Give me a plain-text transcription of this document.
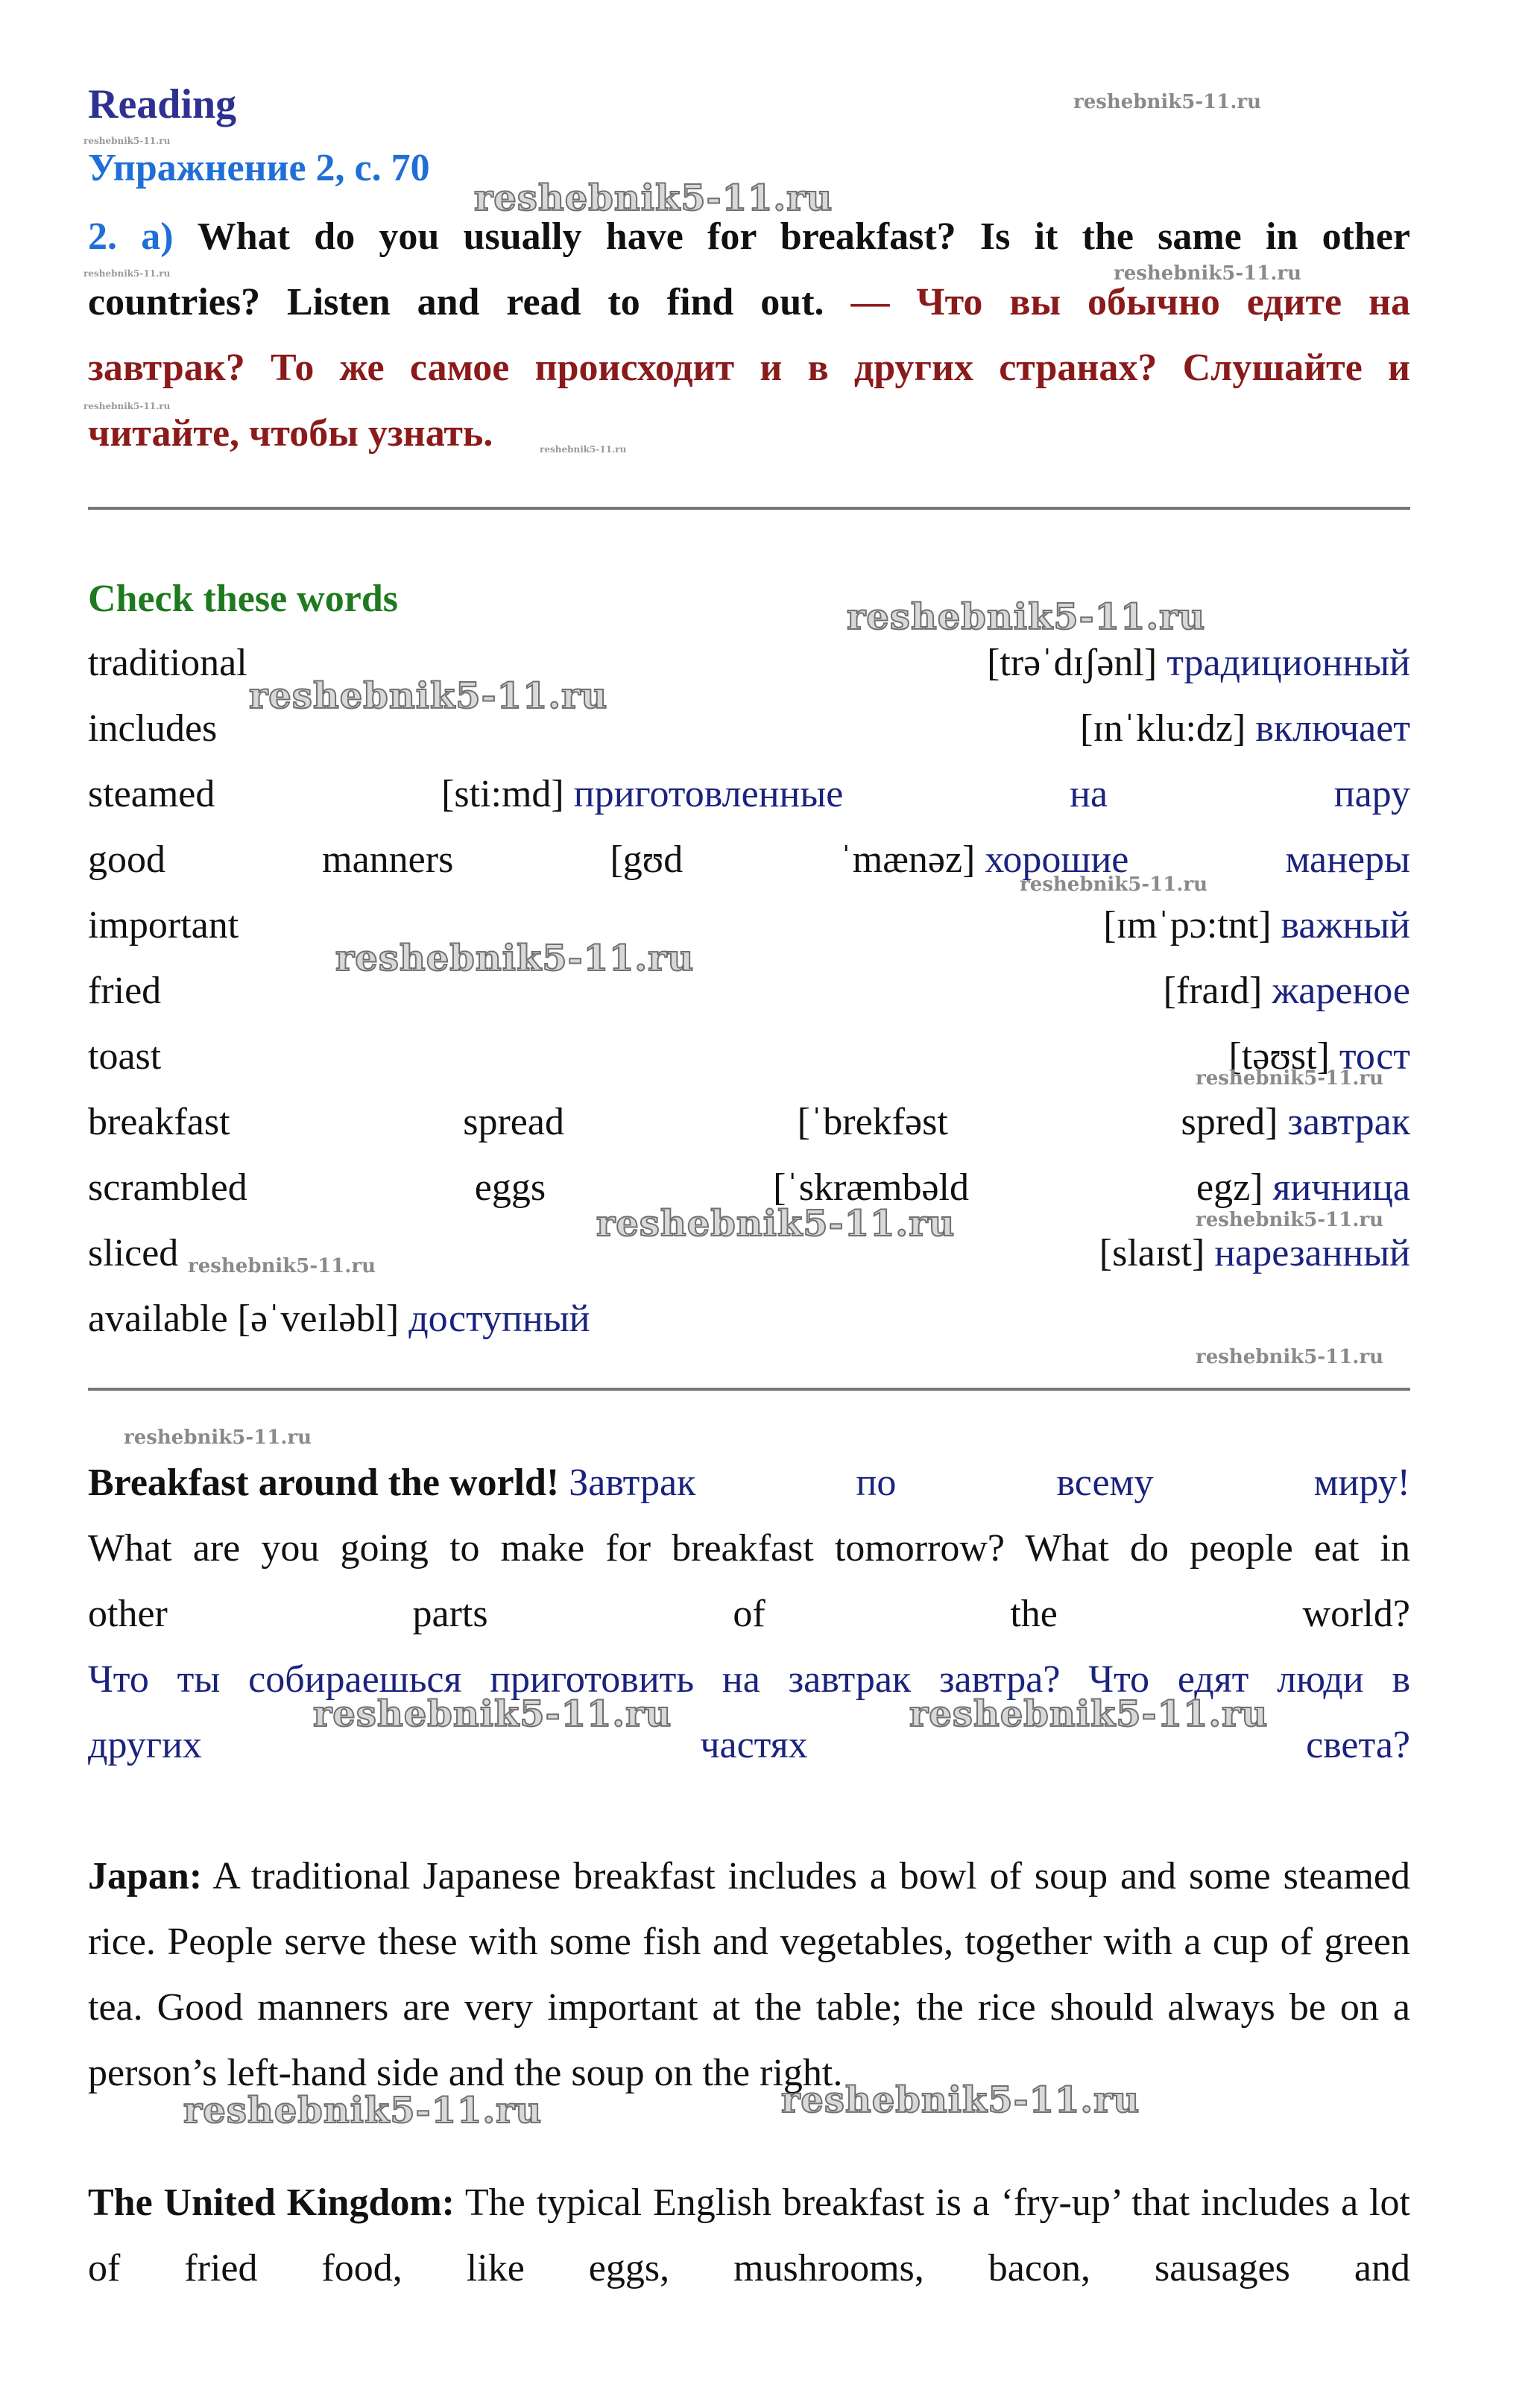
Reading
Упражнение 2, с. 70

2. а) What do you usually have for breakfast? Is it the same in other

countries? Listen and read to find out. — Что вы обычно едите на

завтрак? То же самое происходит и в других странах? Слушайте и

читайте, чтобы узнать.

Check these words
traditional	[trəˈdɪʃənl] традиционный
includes	[ɪnˈklu:dz] включает
steamed	[sti:md] приготовленные	на	пару
good	manners	[gʊd	ˈmænəz] хорошие	манеры
important	[ɪmˈpɔ:tnt] важный
fried	[fraɪd] жареное
toast	[təʊst] тост
breakfast	spread	[ˈbrekfəst	spred] завтрак
scrambled	eggs	[ˈskræmbəld	egz] яичница
sliced	[slaɪst] нарезанный
available [əˈveɪləbl] доступный
Breakfast around the world! Завтрак	по	всему	миру!

What are you going to make for breakfast tomorrow? What do people eat in

other	parts	of	the	world?

Что ты собираешься приготовить на завтрак завтра? Что едят люди в

других	частях	света?

Japan: A traditional Japanese breakfast includes a bowl of soup and some steamed rice. People serve these with some fish and vegetables, together with a cup of green tea. Good manners are very important at the table; the rice should always be on a person’s left-hand side and the soup on the right.

The United Kingdom: The typical English breakfast is a ‘fry-up’ that includes a lot of fried food, like eggs, mushrooms, bacon, sausages and

reshebnik5-11.ru
reshebnik5-11.ru
reshebnik5-11.ru
reshebnik5-11.ru	reshebnik5-11.ru
reshebnik5-11.ru
reshebnik5-11.ru
reshebnik5-11.ru
reshebnik5-11.ru
reshebnik5-11.ru
reshebnik5-11.ru
reshebnik5-11.ru
reshebnik5-11.ru	reshebnik5-11.ru
reshebnik5-11.ru
reshebnik5-11.ru
reshebnik5-11.ru
reshebnik5-11.ru	reshebnik5-11.ru
reshebnik5-11.ru	reshebnik5-11.ru
